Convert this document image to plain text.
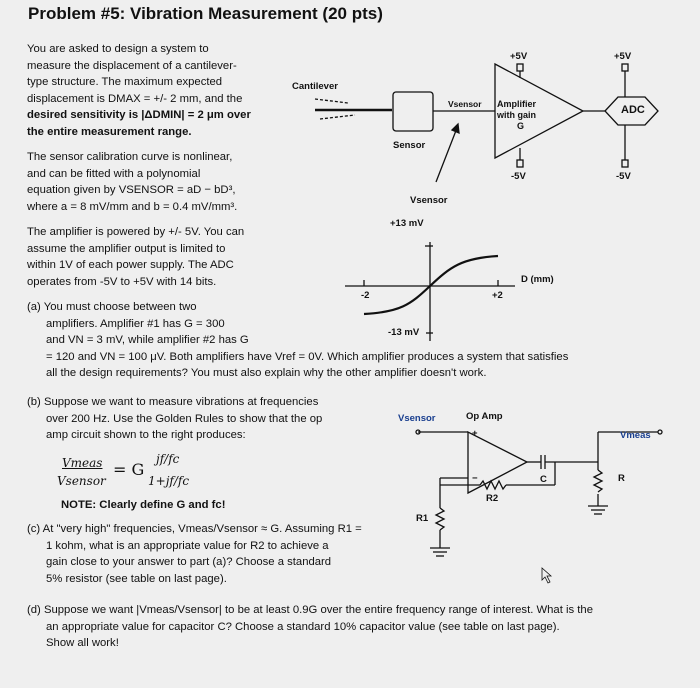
Problem #5: Vibration Measurement (20 pts)
You are asked to design a system to
measure the displacement of a cantilever-
type structure. The maximum expected
displacement is DMAX = +/- 2 mm, and the
desired sensitivity is |ΔDMIN| = 2 μm over
the entire measurement range.
The sensor calibration curve is nonlinear,
and can be fitted with a polynomial
equation given by VSENSOR = aD − bD³,
where a = 8 mV/mm and b = 0.4 mV/mm³.
The amplifier is powered by +/- 5V. You can
assume the amplifier output is limited to
within 1V of each power supply. The ADC
operates from -5V to +5V with 14 bits.
(a) You must choose between two
amplifiers. Amplifier #1 has G = 300
and VN = 3 mV, while amplifier #2 has G
= 120 and VN = 100 μV. Both amplifiers have Vref = 0V. Which amplifier produces a system that satisfies
all the design requirements? You must also explain why the other amplifier doesn't work.
(b) Suppose we want to measure vibrations at frequencies
over 200 Hz. Use the Golden Rules to show that the op
amp circuit shown to the right produces:
Vmeas
Vsensor
= G
jf/fc
1+jf/fc
NOTE: Clearly define G and fc!
(c) At "very high" frequencies, Vmeas/Vsensor ≈ G. Assuming R1 =
1 kohm, what is an appropriate value for R2 to achieve a
gain close to your answer to part (a)? Choose a standard
5% resistor (see table on last page).
(d) Suppose we want |Vmeas/Vsensor| to be at least 0.9G over the entire frequency range of interest. What is the
an appropriate value for capacitor C? Choose a standard 10% capacitor value (see table on last page).
Show all work!
Cantilever
Sensor
Vsensor Amplifier
with gain
G
ADC
+5V	+5V
-5V	-5V
Vsensor
+13 mV
-13 mV
D (mm)
-2	+2
Vsensor	Op Amp
Vmeas
+
−	C	R
R2
R1
